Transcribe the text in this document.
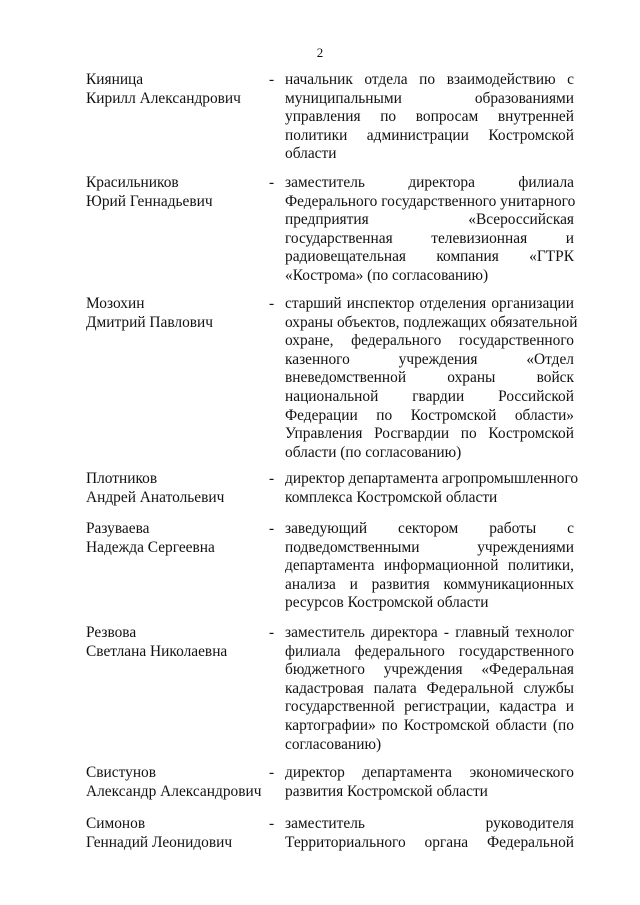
2
Кияница
Кирилл Александрович
- начальник отдела по взаимодействию с
муниципальными образованиями
управления по вопросам внутренней
политики администрации Костромской
области
Красильников
Юрий Геннадьевич
- заместитель директора филиала
Федерального государственного унитарного
предприятия «Всероссийская
государственная телевизионная и
радиовещательная компания «ГТРК
«Кострома» (по согласованию)
Мозохин
Дмитрий Павлович
- старший инспектор отделения организации
охраны объектов, подлежащих обязательной
охране, федерального государственного
казенного учреждения «Отдел
вневедомственной охраны войск
национальной гвардии Российской
Федерации по Костромской области»
Управления Росгвардии по Костромской
области (по согласованию)
Плотников
Андрей Анатольевич
- директор департамента агропромышленного
комплекса Костромской области
Разуваева
Надежда Сергеевна
- заведующий сектором работы с
подведомственными учреждениями
департамента информационной политики,
анализа и развития коммуникационных
ресурсов Костромской области
Резвова
Светлана Николаевна
- заместитель директора - главный технолог
филиала федерального государственного
бюджетного учреждения «Федеральная
кадастровая палата Федеральной службы
государственной регистрации, кадастра и
картографии» по Костромской области (по
согласованию)
Свистунов
Александр Александрович
- директор департамента экономического
развития Костромской области
Симонов
Геннадий Леонидович
- заместитель руководителя
Территориального органа Федеральной
